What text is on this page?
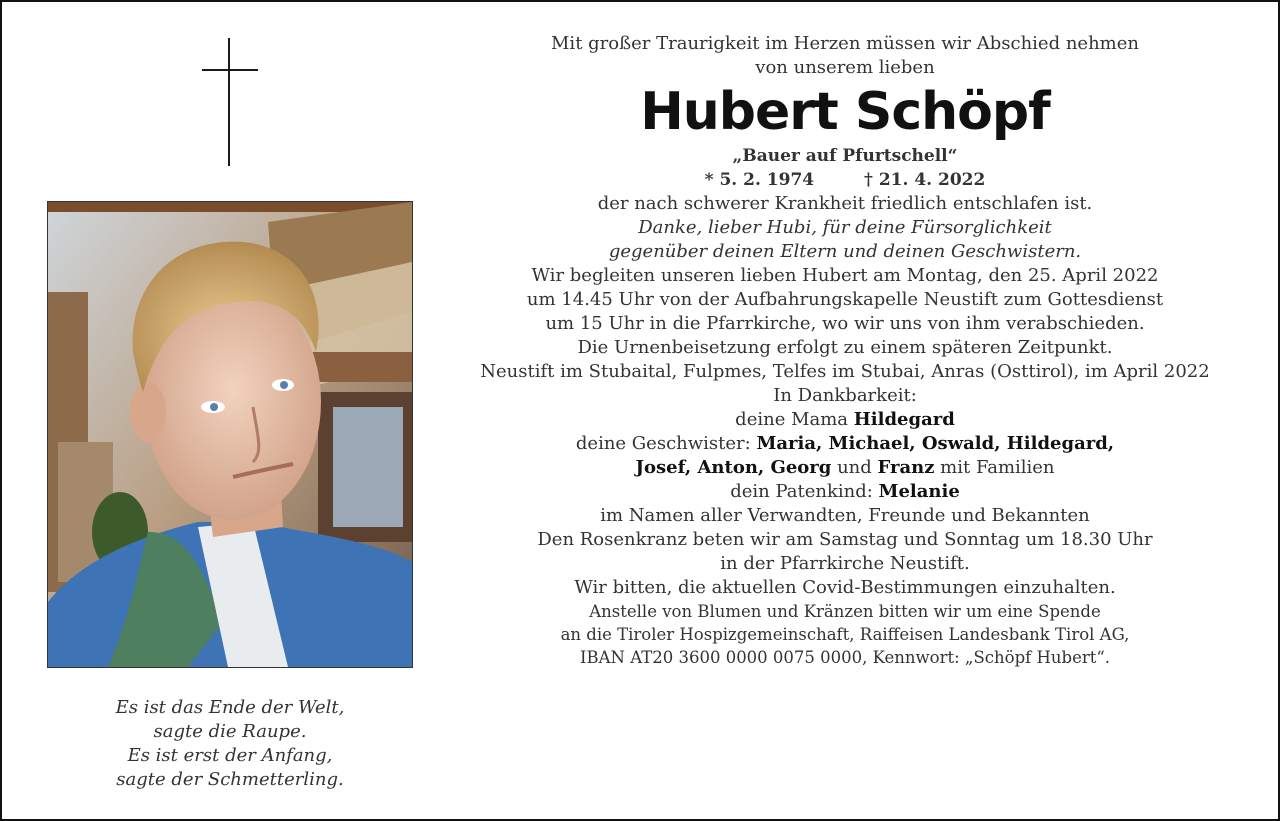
Es ist das Ende der Welt,
sagte die Raupe.
Es ist erst der Anfang,
sagte der Schmetterling.

Mit großer Traurigkeit im Herzen müssen wir Abschied nehmen

von unserem lieben

Hubert Schöpf

„Bauer auf Pfurtschell“

* 5. 2. 1974	† 21. 4. 2022

der nach schwerer Krankheit friedlich entschlafen ist.

Danke, lieber Hubi, für deine Fürsorglichkeit

gegenüber deinen Eltern und deinen Geschwistern.

Wir begleiten unseren lieben Hubert am Montag, den 25. April 2022

um 14.45 Uhr von der Aufbahrungskapelle Neustift zum Gottesdienst

um 15 Uhr in die Pfarrkirche, wo wir uns von ihm verabschieden.

Die Urnenbeisetzung erfolgt zu einem späteren Zeitpunkt.

Neustift im Stubaital, Fulpmes, Telfes im Stubai, Anras (Osttirol), im April 2022

In Dankbarkeit:

deine Mama Hildegard

deine Geschwister: Maria, Michael, Oswald, Hildegard,

Josef, Anton, Georg und Franz mit Familien

dein Patenkind: Melanie

im Namen aller Verwandten, Freunde und Bekannten

Den Rosenkranz beten wir am Samstag und Sonntag um 18.30 Uhr

in der Pfarrkirche Neustift.

Wir bitten, die aktuellen Covid-Bestimmungen einzuhalten.

Anstelle von Blumen und Kränzen bitten wir um eine Spende

an die Tiroler Hospizgemeinschaft, Raiffeisen Landesbank Tirol AG,

IBAN AT20 3600 0000 0075 0000, Kennwort: „Schöpf Hubert“.
